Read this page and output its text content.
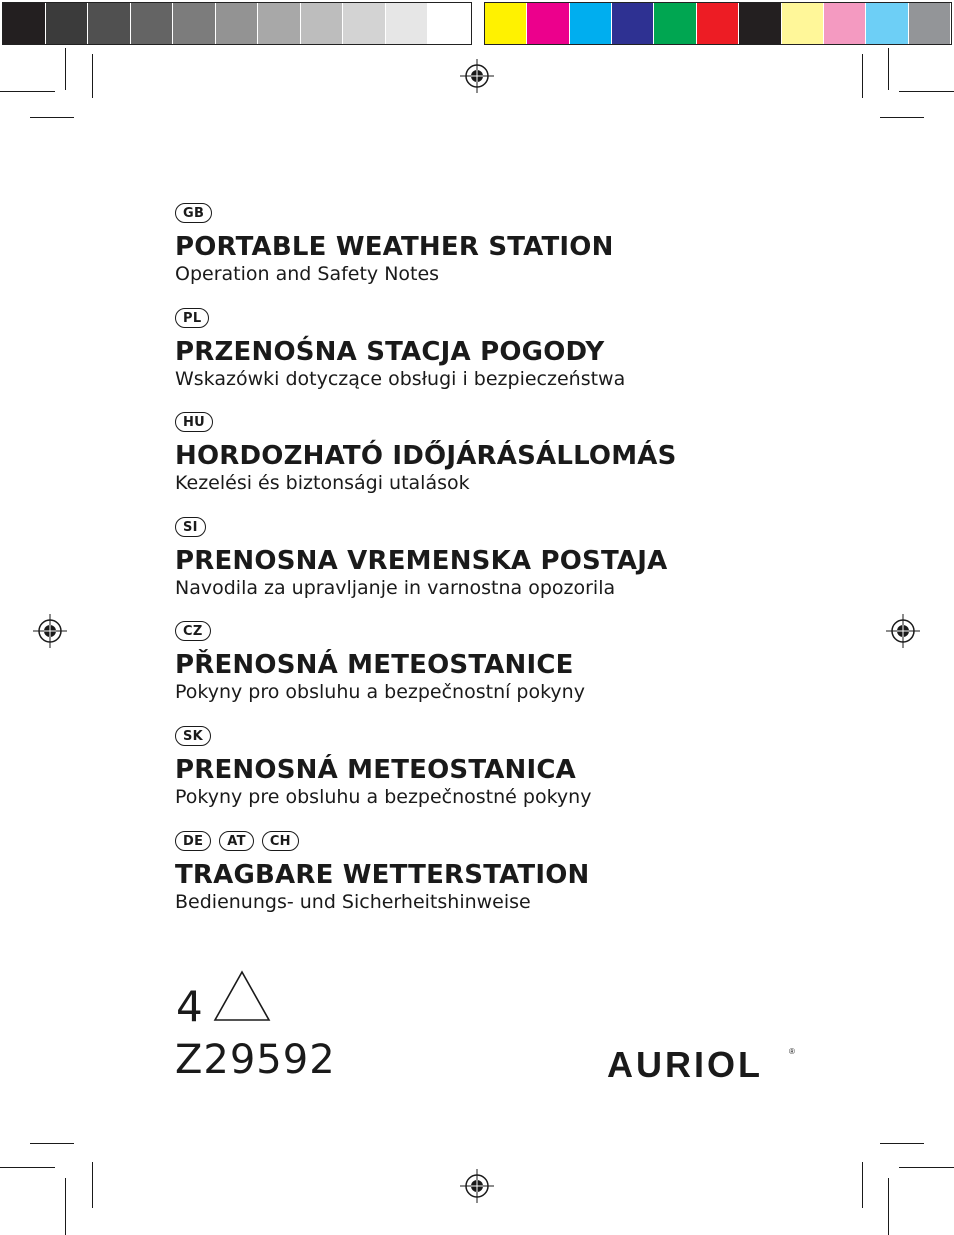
GB
PORTABLE WEATHER STATION
Operation and Safety Notes
PL
PRZENOŚNA STACJA POGODY
Wskazówki dotyczące obsługi i bezpieczeństwa
HU
HORDOZHATÓ IDŐJÁRÁSÁLLOMÁS
Kezelési és biztonsági utalások
SI
PRENOSNA VREMENSKA POSTAJA
Navodila za upravljanje in varnostna opozorila
CZ
PŘENOSNÁ METEOSTANICE
Pokyny pro obsluhu a bezpečnostní pokyny
SK
PRENOSNÁ METEOSTANICA
Pokyny pre obsluhu a bezpečnostné pokyny
DE	AT	CH
TRAGBARE WETTERSTATION
Bedienungs- und Sicherheitshinweise
4
Z29592	AURIOL	®
